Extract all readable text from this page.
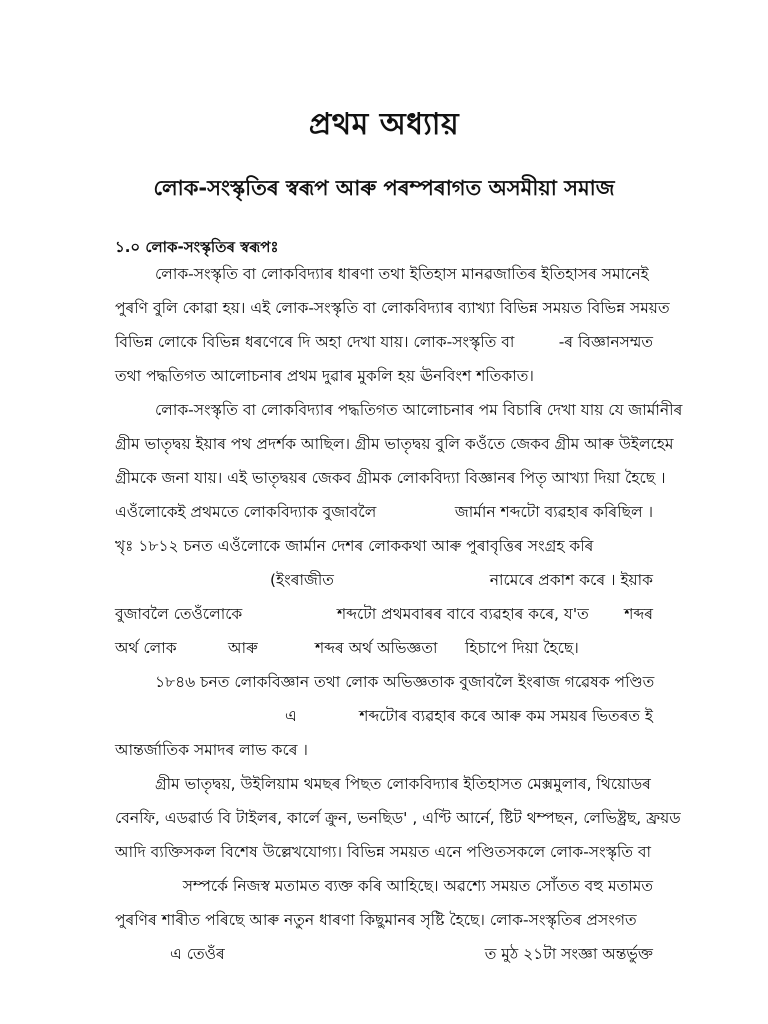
প্ৰথম অধ্যায়
লোক-সংস্কৃতিৰ স্বৰূপ আৰু পৰম্পৰাগত অসমীয়া সমাজ
১.০ লোক-সংস্কৃতিৰ স্বৰূপঃ
লোক-সংস্কৃতি বা লোকবিদ্যাৰ ধাৰণা তথা ইতিহাস মানৱজাতিৰ ইতিহাসৰ সমানেই
পুৰণি বুলি কোৱা হয়। এই লোক-সংস্কৃতি বা লোকবিদ্যাৰ ব্যাখ্যা বিভিন্ন সময়ত বিভিন্ন সময়ত
বিভিন্ন লোকে বিভিন্ন ধৰণেৰে দি অহা দেখা যায়। লোক-সংস্কৃতি বা	-ৰ বিজ্ঞানসম্মত
তথা পদ্ধতিগত আলোচনাৰ প্ৰথম দুৱাৰ মুকলি হয় ঊনবিংশ শতিকাত।
লোক-সংস্কৃতি বা লোকবিদ্যাৰ পদ্ধতিগত আলোচনাৰ পম বিচাৰি দেখা যায় যে জাৰ্মানীৰ
গ্ৰীম ভাতৃদ্বয় ইয়াৰ পথ প্ৰদৰ্শক আছিল। গ্ৰীম ভাতৃদ্বয় বুলি কওঁতে জেকব গ্ৰীম আৰু উইলহেম
গ্ৰীমকে জনা যায়। এই ভাতৃদ্বয়ৰ জেকব গ্ৰীমক লোকবিদ্যা বিজ্ঞানৰ পিতৃ আখ্যা দিয়া হৈছে ।
এওঁলোকেই প্ৰথমতে লোকবিদ্যাক বুজাবলৈ	জাৰ্মান শব্দটো ব্যৱহাৰ কৰিছিল ।
খৃঃ ১৮১২ চনত এওঁলোকে জাৰ্মান দেশৰ লোককথা আৰু পুৰাবৃত্তিৰ সংগ্ৰহ কৰি
(ইংৰাজীত	নামেৰে প্ৰকাশ কৰে । ইয়াক
বুজাবলৈ তেওঁলোকে	শব্দটো প্ৰথমবাৰৰ বাবে ব্যৱহাৰ কৰে, য'ত শব্দৰ
অৰ্থ লোক	আৰু	শব্দৰ অৰ্থ অভিজ্ঞতা হিচাপে দিয়া হৈছে।
১৮৪৬ চনত লোকবিজ্ঞান তথা লোক অভিজ্ঞতাক বুজাবলৈ ইংৰাজ গৱেষক পণ্ডিত
এ	শব্দটোৰ ব্যৱহাৰ কৰে আৰু কম সময়ৰ ভিতৰত ই
আন্তৰ্জাতিক সমাদৰ লাভ কৰে ।
গ্ৰীম ভাতৃদ্বয়, উইলিয়াম থমছৰ পিছত লোকবিদ্যাৰ ইতিহাসত মেক্সমুলাৰ, থিয়োডৰ
বেনফি, এডৱাৰ্ড বি টাইলৰ, কাৰ্লে ক্ৰুন, ভনছিড' , এণ্টি আৰ্নে, ষ্টিট থম্পছন, লেভিষ্ট্ৰছ, ফ্ৰয়ড
আদি ব্যক্তিসকল বিশেষ উল্লেখযোগ্য। বিভিন্ন সময়ত এনে পণ্ডিতসকলে লোক-সংস্কৃতি বা
সম্পৰ্কে নিজস্ব মতামত ব্যক্ত কৰি আহিছে। অৱশ্যে সময়ত সোঁতত বহু মতামত
পুৰণিৰ শাৰীত পৰিছে আৰু নতুন ধাৰণা কিছুমানৰ সৃষ্টি হৈছে। লোক-সংস্কৃতিৰ প্ৰসংগত
এ তেওঁৰ	ত মুঠ ২১টা সংজ্ঞা অন্তৰ্ভুক্ত
